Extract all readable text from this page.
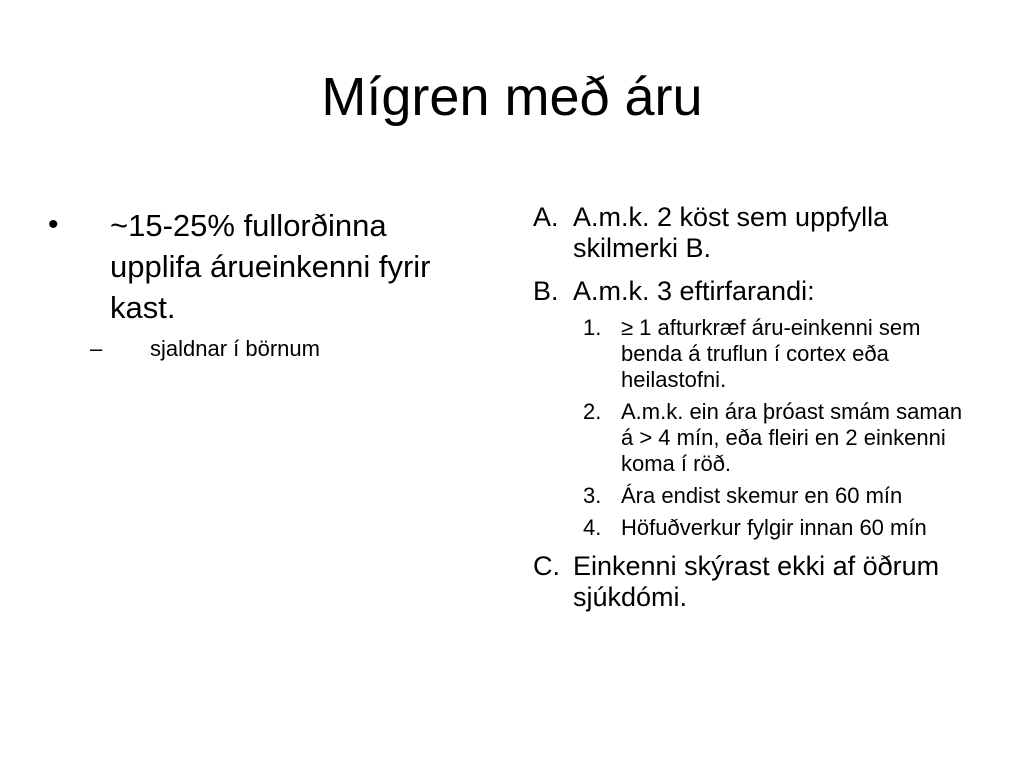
Mígren með áru
•	~15-25% fullorðinna upplifa árueinkenni fyrir kast.
–	sjaldnar í börnum
A. A.m.k. 2 köst sem uppfylla skilmerki B.
B. A.m.k. 3 eftirfarandi:
1. ≥ 1 afturkræf áru-einkenni sem benda á truflun í cortex eða heilastofni.
2. A.m.k. ein ára þróast smám saman á > 4 mín, eða fleiri en 2 einkenni koma í röð.
3. Ára endist skemur en 60 mín
4. Höfuðverkur fylgir innan 60 mín
C. Einkenni skýrast ekki af öðrum sjúkdómi.
